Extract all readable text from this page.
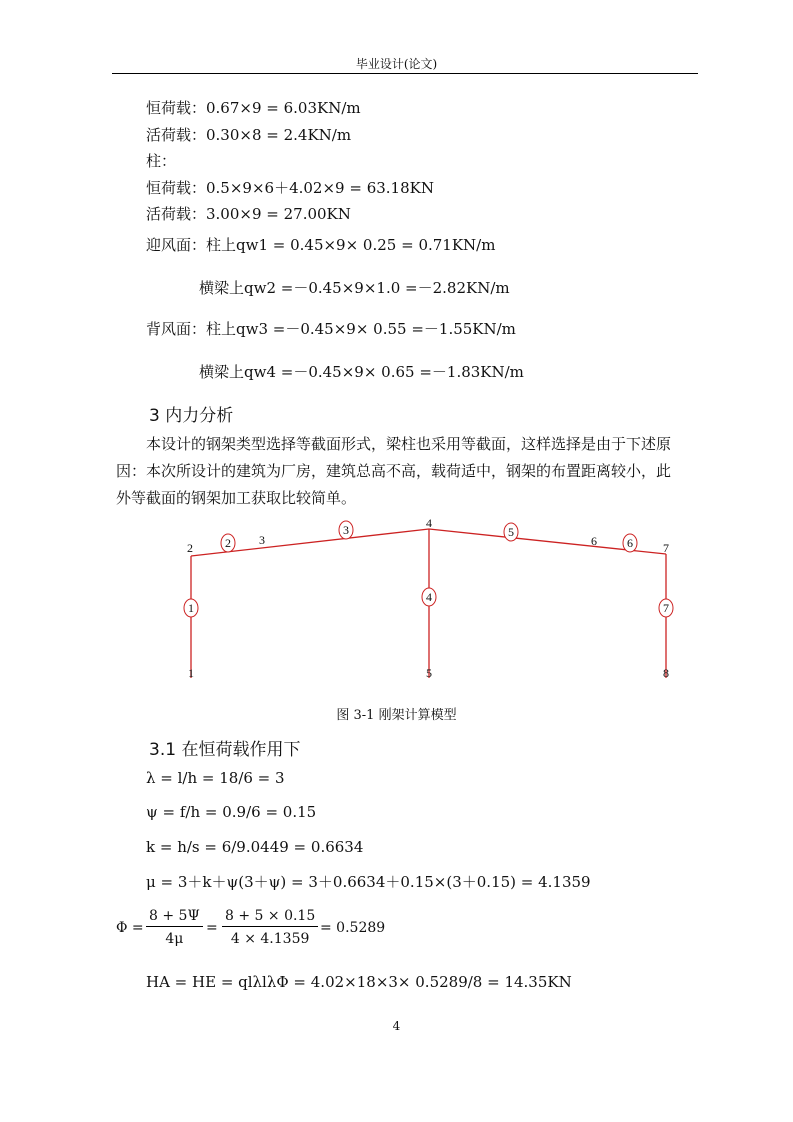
毕业设计(论文)
恒荷载：0.67×9 = 6.03KN/m
活荷载：0.30×8 = 2.4KN/m
柱：
恒荷载：0.5×9×6＋4.02×9 = 63.18KN
活荷载：3.00×9 = 27.00KN
迎风面：柱上qw1 = 0.45×9× 0.25 = 0.71KN/m
横梁上qw2 =－0.45×9×1.0 =－2.82KN/m
背风面：柱上qw3 =－0.45×9× 0.55 =－1.55KN/m
横梁上qw4 =－0.45×9× 0.65 =－1.83KN/m
3 内力分析
本设计的钢架类型选择等截面形式，梁柱也采用等截面，这样选择是由于下述原
因：本次所设计的建筑为厂房，建筑总高不高，载荷适中，钢架的布置距离较小，此
外等截面的钢架加工获取比较简单。
1
2
3
4
5
6
7
1
2
3
4
5
6	7
8
图 3-1 刚架计算模型
3.1 在恒荷载作用下
λ = l/h = 18/6 = 3
ψ = f/h = 0.9/6 = 0.15
k = h/s = 6/9.0449 = 0.6634
μ = 3＋k＋ψ(3＋ψ) = 3＋0.6634＋0.15×(3＋0.15) = 4.1359
$\Phi = \frac{8 + 5\Psi}{4\mu} = \frac{8 + 5 \times 0.15}{4 \times 4.1359} = 0.5289$
HA = HE = qlλlλΦ = 4.02×18×3× 0.5289/8 = 14.35KN
4
